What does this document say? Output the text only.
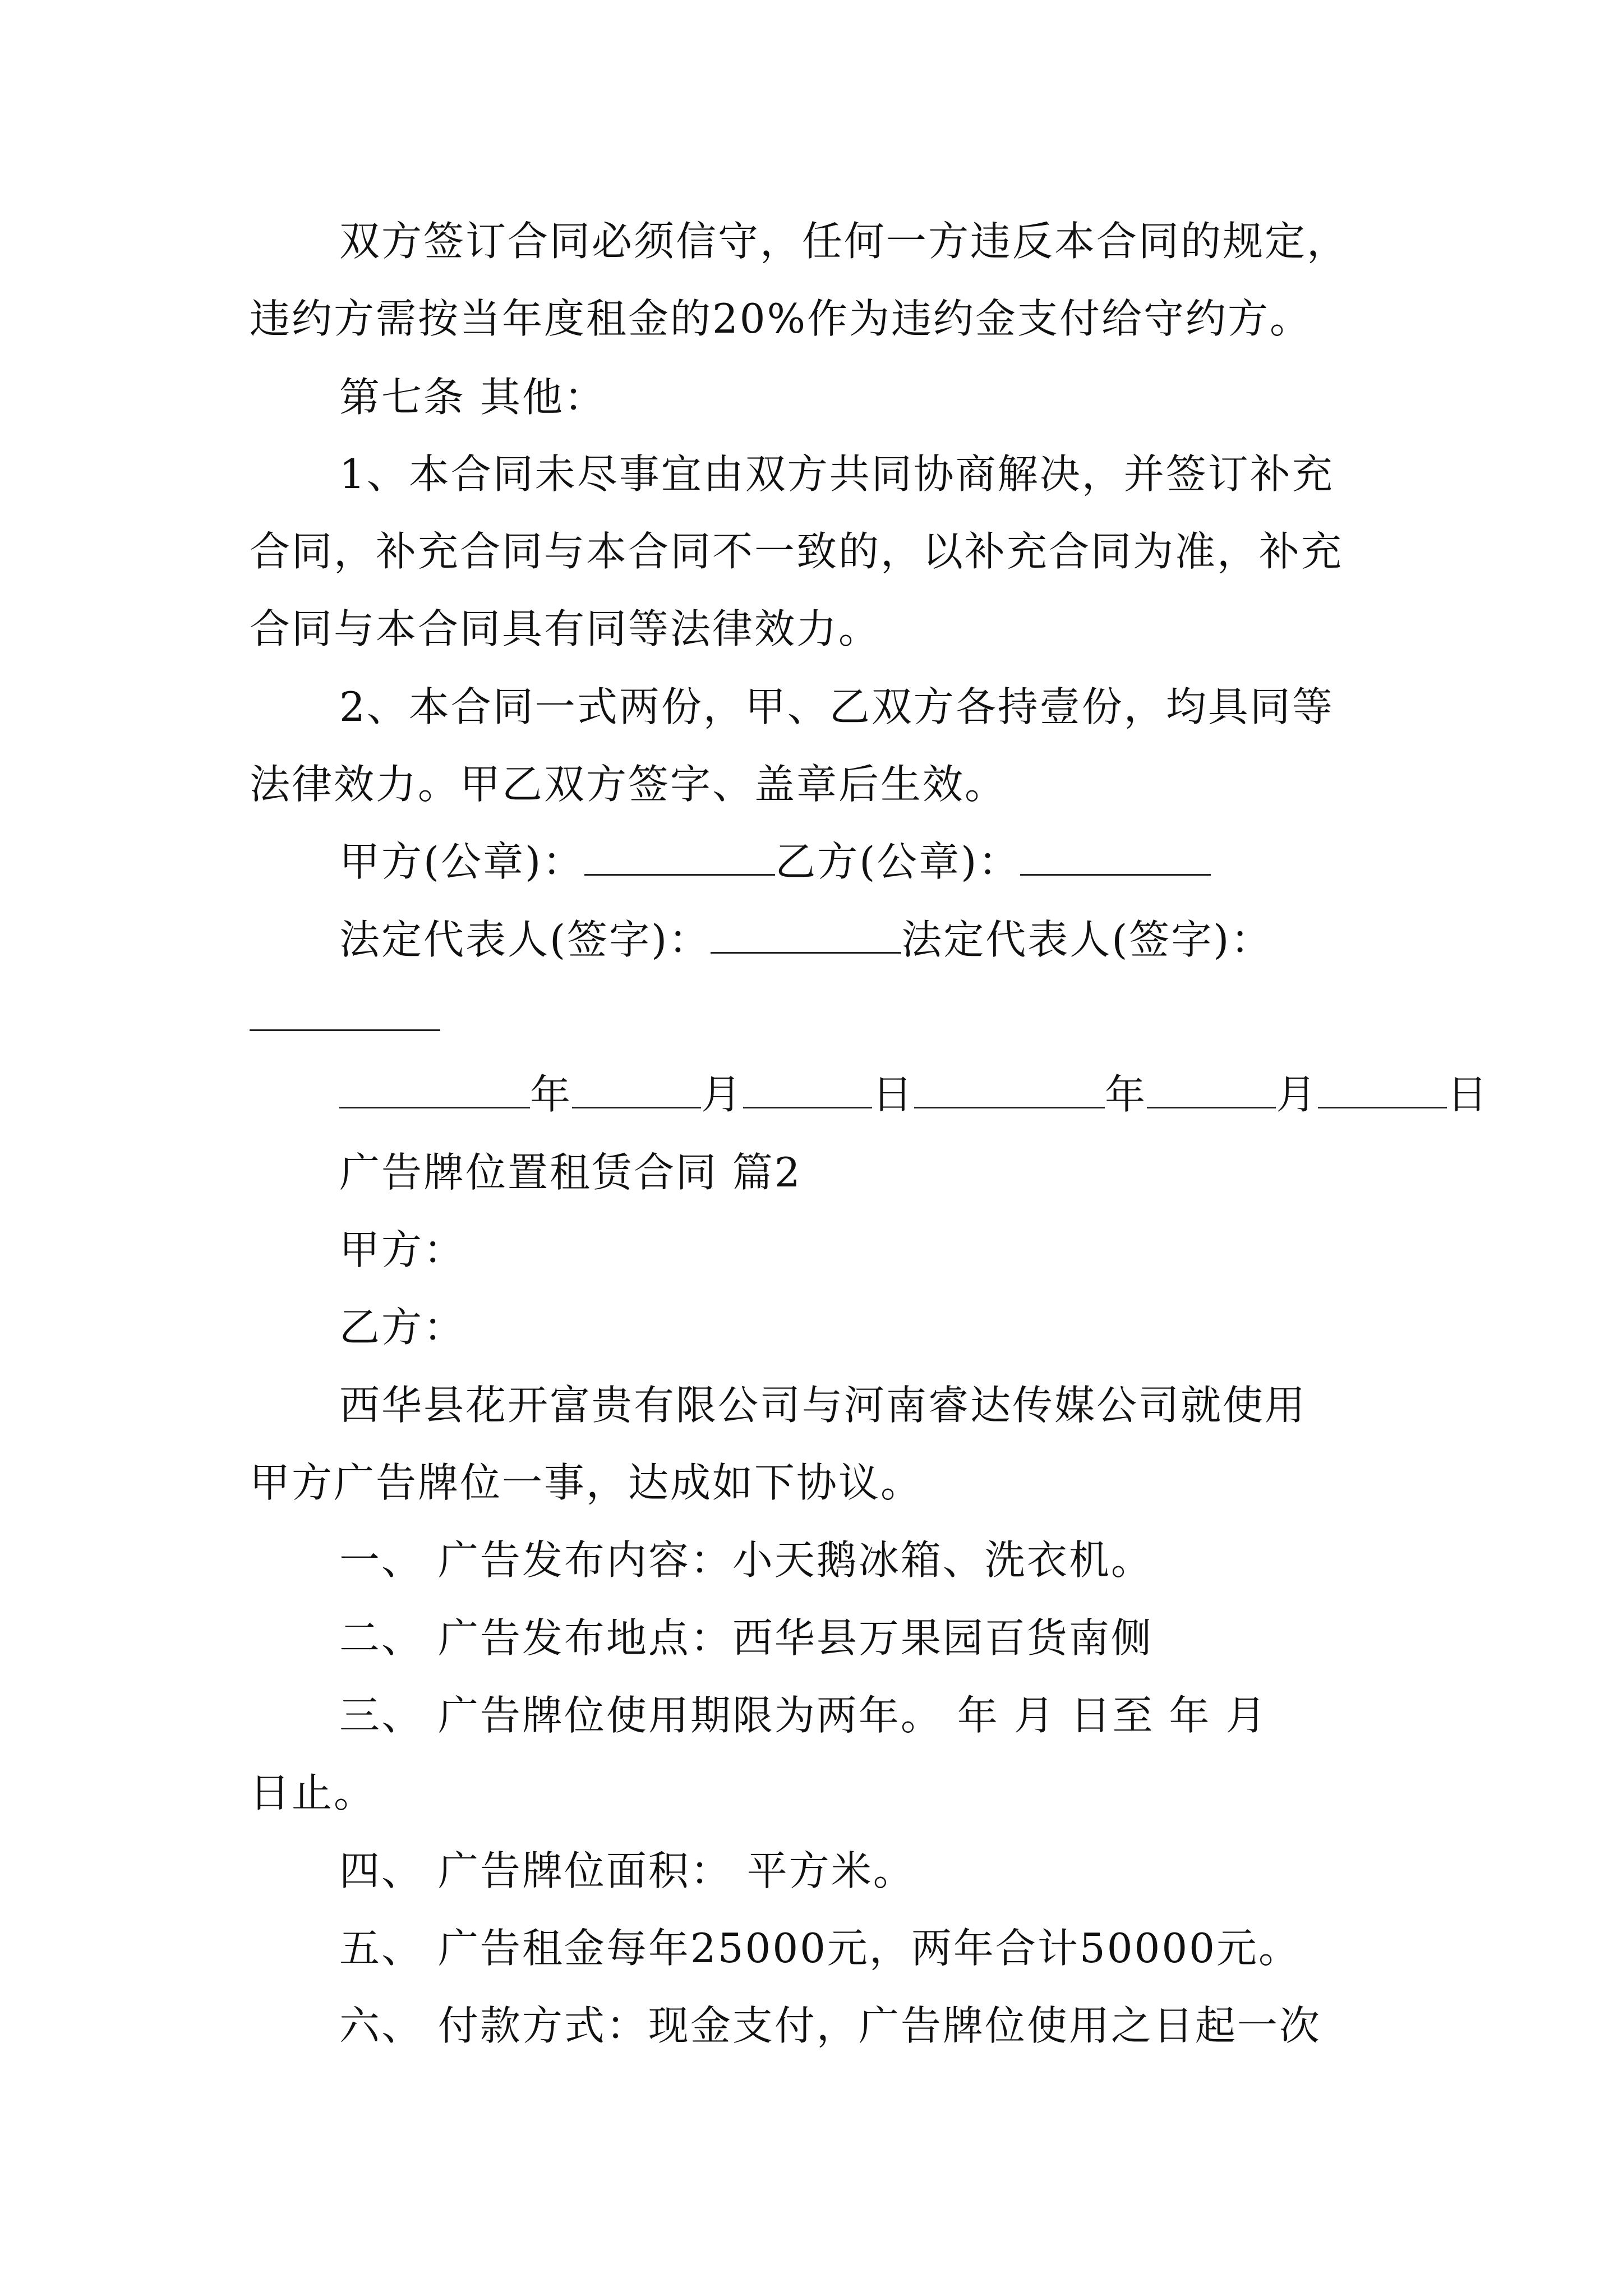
双方签订合同必须信守，任何一方违反本合同的规定，
违约方需按当年度租金的20%作为违约金支付给守约方。
第七条 其他：
1、本合同未尽事宜由双方共同协商解决，并签订补充
合同，补充合同与本合同不一致的，以补充合同为准，补充
合同与本合同具有同等法律效力。
2、本合同一式两份，甲、乙双方各持壹份，均具同等
法律效力。甲乙双方签字、盖章后生效。
甲方(公章)：	乙方(公章)：
法定代表人(签字)：	法定代表人(签字)：
年	月	日	年	月	日
广告牌位置租赁合同 篇2
甲方：
乙方：
西华县花开富贵有限公司与河南睿达传媒公司就使用
甲方广告牌位一事，达成如下协议。
一、 广告发布内容：小天鹅冰箱、洗衣机。
二、 广告发布地点：西华县万果园百货南侧
三、 广告牌位使用期限为两年。 年 月 日至 年 月
日止。
四、 广告牌位面积： 平方米。
五、 广告租金每年25000元，两年合计50000元。
六、 付款方式：现金支付，广告牌位使用之日起一次
